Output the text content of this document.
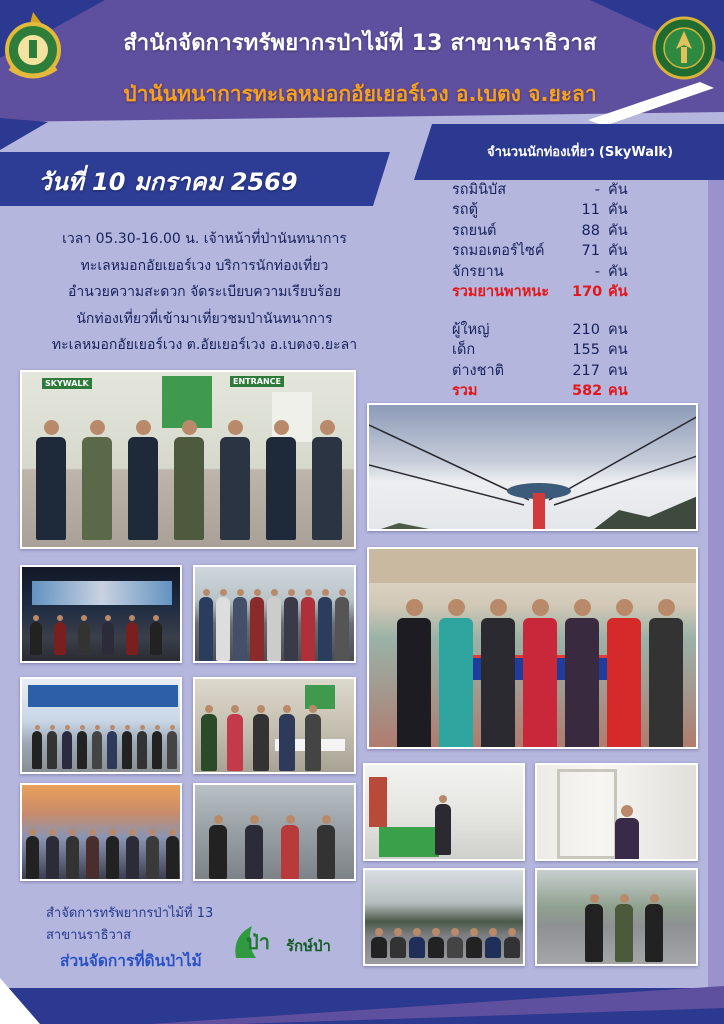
สำนักจัดการทรัพยากรป่าไม้ที่ 13 สาขานราธิวาส
ป่านันทนาการทะเลหมอกอัยเยอร์เวง อ.เบตง จ.ยะลา
วันที่ 10 มกราคม 2569
จำนวนนักท่องเที่ยว (SkyWalk)
รถมินิบัส	- คัน
รถตู้	11 คัน
รถยนต์	88 คัน
รถมอเตอร์ไซค์	71 คัน
จักรยาน	- คัน
รวมยานพาหนะ	170 คัน
ผู้ใหญ่	210 คน
เด็ก	155 คน
ต่างชาติ	217 คน
รวม	582 คน
เวลา 05.30-16.00 น. เจ้าหน้าที่ป่านันทนาการ
ทะเลหมอกอัยเยอร์เวง บริการนักท่องเที่ยว
อำนวยความสะดวก จัดระเบียบความเรียบร้อย
นักท่องเที่ยวที่เข้ามาเที่ยวชมป่านันทนาการ
ทะเลหมอกอัยเยอร์เวง ต.อัยเยอร์เวง อ.เบตงจ.ยะลา
SKYWALK	ENTRANCE
สำจัดการทรัพยากรป่าไม้ที่ 13
สาขานราธิวาส
ส่วนจัดการที่ดินป่าไม้
ป่า รักษ์ป่า
